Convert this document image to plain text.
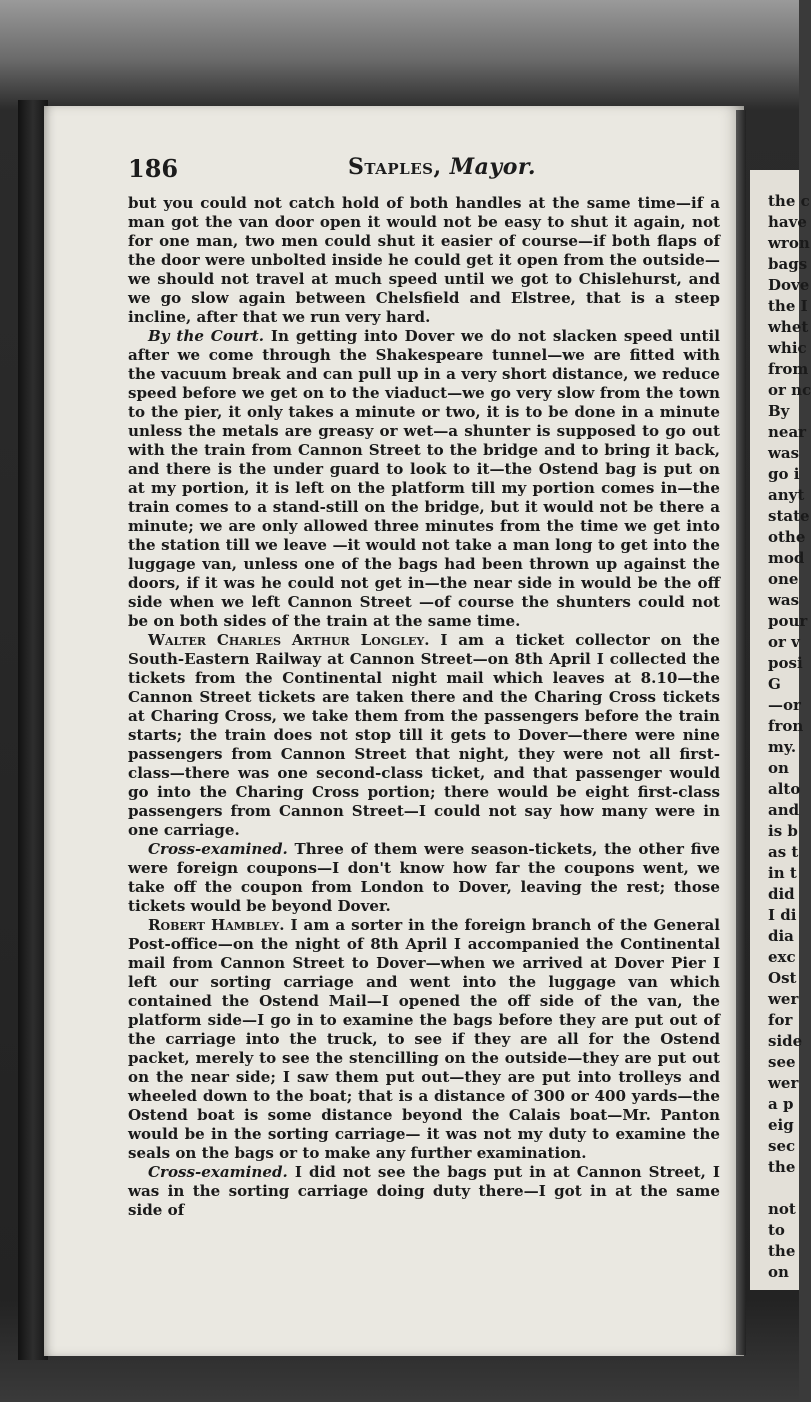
the c
have
wron
bags
Dove
the I
whet
whic
from
or nc
By
near
was
go i
anyt
state
othe
mod
one
was
pour
or v
posi
G
—or
fron
my.
on
alto
and
is b
as t
in t
did
I di
dia
exc
Ost
wer
for
side
see
wer
a p
eig
sec
the
not
to
the
on
186	Staples, Mayor.

but you could not catch hold of both handles at the same time—if a man got the van door open it would not be easy to shut it again, not for one man, two men could shut it easier of course—if both flaps of the door were unbolted inside he could get it open from the outside—we should not travel at much speed until we got to Chislehurst, and we go slow again between Chelsfield and Elstree, that is a steep incline, after that we run very hard.

By the Court. In getting into Dover we do not slacken speed until after we come through the Shakespeare tunnel—we are fitted with the vacuum break and can pull up in a very short distance, we reduce speed before we get on to the viaduct—we go very slow from the town to the pier, it only takes a minute or two, it is to be done in a minute unless the metals are greasy or wet—a shunter is supposed to go out with the train from Cannon Street to the bridge and to bring it back, and there is the under guard to look to it—the Ostend bag is put on at my portion, it is left on the platform till my portion comes in—the train comes to a stand-still on the bridge, but it would not be there a minute; we are only allowed three minutes from the time we get into the station till we leave —it would not take a man long to get into the luggage van, unless one of the bags had been thrown up against the doors, if it was he could not get in—the near side in would be the off side when we left Cannon Street —of course the shunters could not be on both sides of the train at the same time.

Walter Charles Arthur Longley. I am a ticket collector on the South-Eastern Railway at Cannon Street—on 8th April I collected the tickets from the Continental night mail which leaves at 8.10—the Cannon Street tickets are taken there and the Charing Cross tickets at Charing Cross, we take them from the passengers before the train starts; the train does not stop till it gets to Dover—there were nine passengers from Cannon Street that night, they were not all first-class—there was one second-class ticket, and that passenger would go into the Charing Cross portion; there would be eight first-class passengers from Cannon Street—I could not say how many were in one carriage.

Cross-examined. Three of them were season-tickets, the other five were foreign coupons—I don't know how far the coupons went, we take off the coupon from London to Dover, leaving the rest; those tickets would be beyond Dover.

Robert Hambley. I am a sorter in the foreign branch of the General Post-office—on the night of 8th April I accompanied the Continental mail from Cannon Street to Dover—when we arrived at Dover Pier I left our sorting carriage and went into the luggage van which contained the Ostend Mail—I opened the off side of the van, the platform side—I go in to examine the bags before they are put out of the carriage into the truck, to see if they are all for the Ostend packet, merely to see the stencilling on the outside—they are put out on the near side; I saw them put out—they are put into trolleys and wheeled down to the boat; that is a distance of 300 or 400 yards—the Ostend boat is some distance beyond the Calais boat—Mr. Panton would be in the sorting carriage— it was not my duty to examine the seals on the bags or to make any further examination.

Cross-examined. I did not see the bags put in at Cannon Street, I was in the sorting carriage doing duty there—I got in at the same side of
